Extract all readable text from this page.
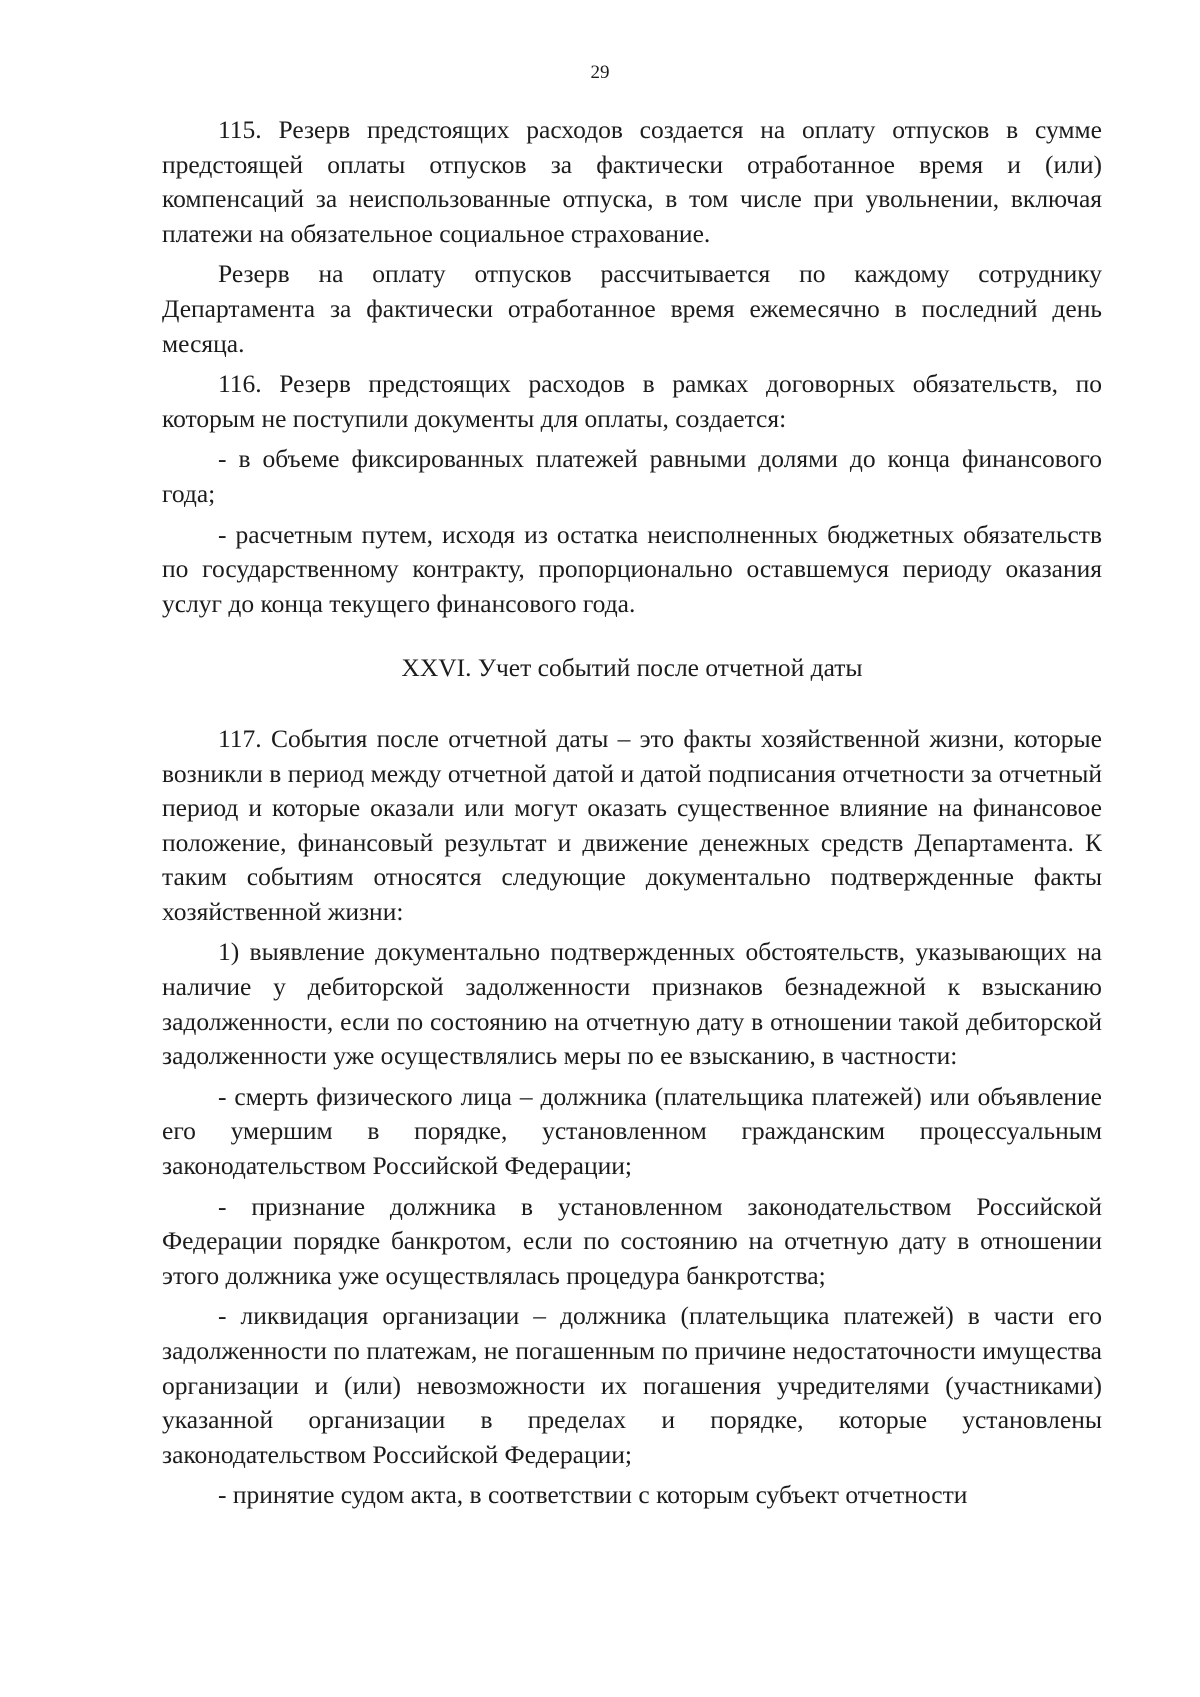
29

115. Резерв предстоящих расходов создается на оплату отпусков в сумме предстоящей оплаты отпусков за фактически отработанное время и (или) компенсаций за неиспользованные отпуска, в том числе при увольнении, включая платежи на обязательное социальное страхование.

Резерв на оплату отпусков рассчитывается по каждому сотруднику Департамента за фактически отработанное время ежемесячно в последний день месяца.

116. Резерв предстоящих расходов в рамках договорных обязательств, по которым не поступили документы для оплаты, создается:

- в объеме фиксированных платежей равными долями до конца финансового года;

- расчетным путем, исходя из остатка неисполненных бюджетных обязательств по государственному контракту, пропорционально оставшемуся периоду оказания услуг до конца текущего финансового года.

XXVI. Учет событий после отчетной даты

117. События после отчетной даты – это факты хозяйственной жизни, которые возникли в период между отчетной датой и датой подписания отчетности за отчетный период и которые оказали или могут оказать существенное влияние на финансовое положение, финансовый результат и движение денежных средств Департамента. К таким событиям относятся следующие документально подтвержденные факты хозяйственной жизни:

1) выявление документально подтвержденных обстоятельств, указывающих на наличие у дебиторской задолженности признаков безнадежной к взысканию задолженности, если по состоянию на отчетную дату в отношении такой дебиторской задолженности уже осуществлялись меры по ее взысканию, в частности:

- смерть физического лица – должника (плательщика платежей) или объявление его умершим в порядке, установленном гражданским процессуальным законодательством Российской Федерации;

- признание должника в установленном законодательством Российской Федерации порядке банкротом, если по состоянию на отчетную дату в отношении этого должника уже осуществлялась процедура банкротства;

- ликвидация организации – должника (плательщика платежей) в части его задолженности по платежам, не погашенным по причине недостаточности имущества организации и (или) невозможности их погашения учредителями (участниками) указанной организации в пределах и порядке, которые установлены законодательством Российской Федерации;

- принятие судом акта, в соответствии с которым субъект отчетности
